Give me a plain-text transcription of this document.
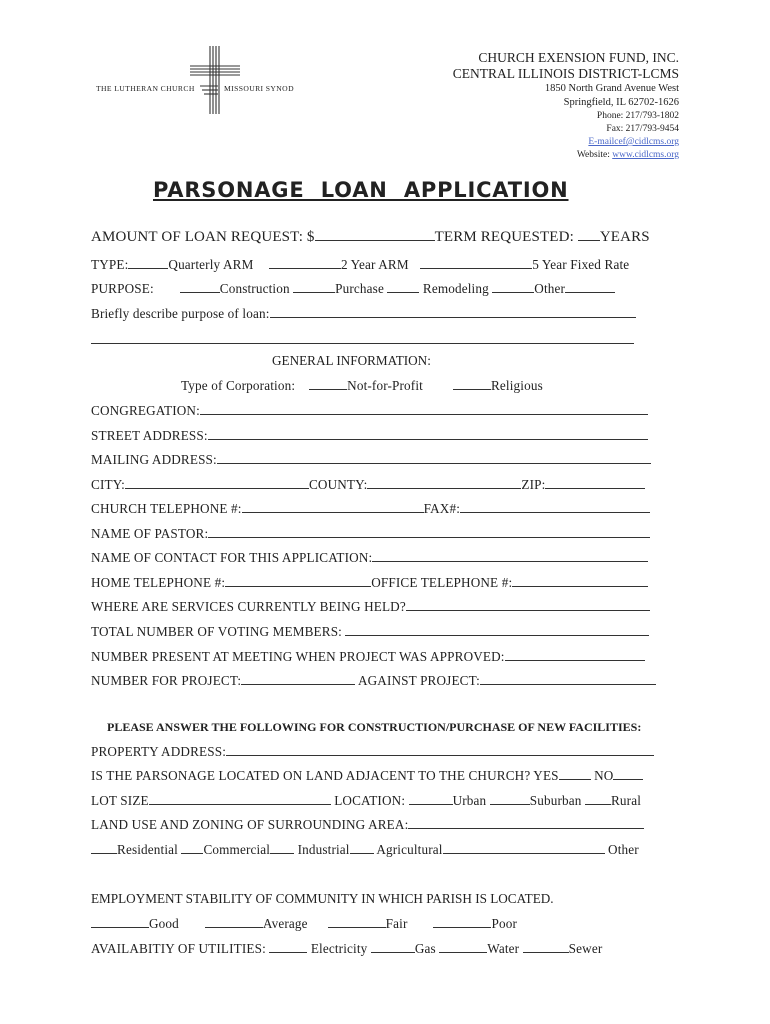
THE LUTHERAN CHURCH	MISSOURI SYNOD
CHURCH EXENSION FUND, INC.
CENTRAL ILLINOIS DISTRICT-LCMS
1850 North Grand Avenue West
Springfield, IL 62702-1626
Phone: 217/793-1802
Fax: 217/793-9454
E-mailcef@cidlcms.org
Website: www.cidlcms.org
PARSONAGE  LOAN  APPLICATION
AMOUNT OF LOAN REQUEST: $	TERM REQUESTED: YEARS
TYPE:	Quarterly ARM	2 Year ARM	5 Year Fixed Rate
PURPOSE:	Construction	Purchase	Remodeling	Other
Briefly describe purpose of loan:
GENERAL INFORMATION:
Type of Corporation:	Not-for-Profit	Religious
CONGREGATION:
STREET ADDRESS:
MAILING ADDRESS:
CITY:	COUNTY:	ZIP:
CHURCH TELEPHONE #:	FAX#:
NAME OF PASTOR:
NAME OF CONTACT FOR THIS APPLICATION:
HOME TELEPHONE #:	OFFICE TELEPHONE #:
WHERE ARE SERVICES CURRENTLY BEING HELD?
TOTAL NUMBER OF VOTING MEMBERS:
NUMBER PRESENT AT MEETING WHEN PROJECT WAS APPROVED:
NUMBER FOR PROJECT:	AGAINST PROJECT:
PLEASE ANSWER THE FOLLOWING FOR CONSTRUCTION/PURCHASE OF NEW FACILITIES:
PROPERTY ADDRESS:
IS THE PARSONAGE LOCATED ON LAND ADJACENT TO THE CHURCH? YES	NO
LOT SIZE	LOCATION:	Urban	Suburban Rural
LAND USE AND ZONING OF SURROUNDING AREA:
Residential Commercial Industrial Agricultural	Other
EMPLOYMENT STABILITY OF COMMUNITY IN WHICH PARISH IS LOCATED.
Good	Average	Fair	Poor
AVAILABITIY OF UTILITIES:	Electricity	Gas	Water	Sewer
